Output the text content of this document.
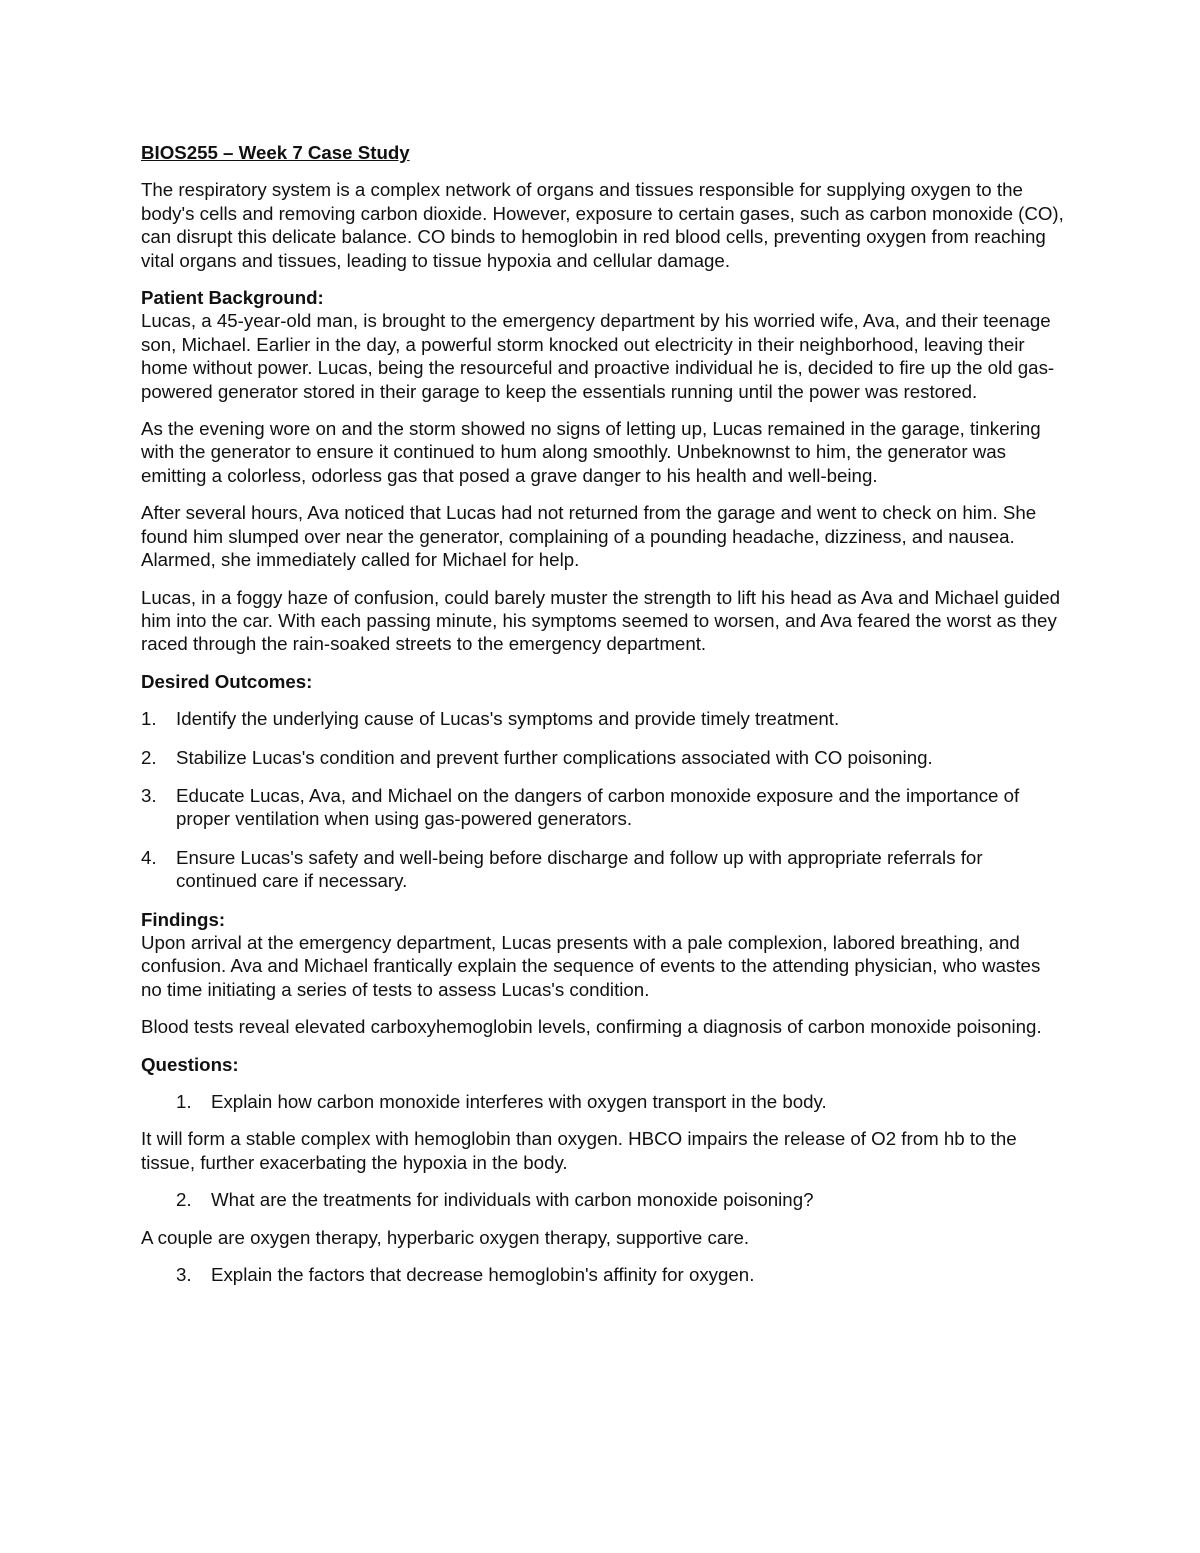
BIOS255 – Week 7 Case Study

The respiratory system is a complex network of organs and tissues responsible for supplying oxygen to the body's cells and removing carbon dioxide. However, exposure to certain gases, such as carbon monoxide (CO), can disrupt this delicate balance. CO binds to hemoglobin in red blood cells, preventing oxygen from reaching vital organs and tissues, leading to tissue hypoxia and cellular damage.

Patient Background:

Lucas, a 45-year-old man, is brought to the emergency department by his worried wife, Ava, and their teenage son, Michael. Earlier in the day, a powerful storm knocked out electricity in their neighborhood, leaving their home without power. Lucas, being the resourceful and proactive individual he is, decided to fire up the old gas-powered generator stored in their garage to keep the essentials running until the power was restored.

As the evening wore on and the storm showed no signs of letting up, Lucas remained in the garage, tinkering with the generator to ensure it continued to hum along smoothly. Unbeknownst to him, the generator was emitting a colorless, odorless gas that posed a grave danger to his health and well-being.

After several hours, Ava noticed that Lucas had not returned from the garage and went to check on him. She found him slumped over near the generator, complaining of a pounding headache, dizziness, and nausea. Alarmed, she immediately called for Michael for help.

Lucas, in a foggy haze of confusion, could barely muster the strength to lift his head as Ava and Michael guided him into the car. With each passing minute, his symptoms seemed to worsen, and Ava feared the worst as they raced through the rain-soaked streets to the emergency department.

Desired Outcomes:

1. Identify the underlying cause of Lucas's symptoms and provide timely treatment.
2. Stabilize Lucas's condition and prevent further complications associated with CO poisoning.
3. Educate Lucas, Ava, and Michael on the dangers of carbon monoxide exposure and the importance of proper ventilation when using gas-powered generators.
4. Ensure Lucas's safety and well-being before discharge and follow up with appropriate referrals for continued care if necessary.

Findings:

Upon arrival at the emergency department, Lucas presents with a pale complexion, labored breathing, and confusion. Ava and Michael frantically explain the sequence of events to the attending physician, who wastes no time initiating a series of tests to assess Lucas's condition.

Blood tests reveal elevated carboxyhemoglobin levels, confirming a diagnosis of carbon monoxide poisoning.

Questions:

1. Explain how carbon monoxide interferes with oxygen transport in the body.

It will form a stable complex with hemoglobin than oxygen. HBCO impairs the release of O2 from hb to the tissue, further exacerbating the hypoxia in the body.

2. What are the treatments for individuals with carbon monoxide poisoning?

A couple are oxygen therapy, hyperbaric oxygen therapy, supportive care.

3. Explain the factors that decrease hemoglobin's affinity for oxygen.
